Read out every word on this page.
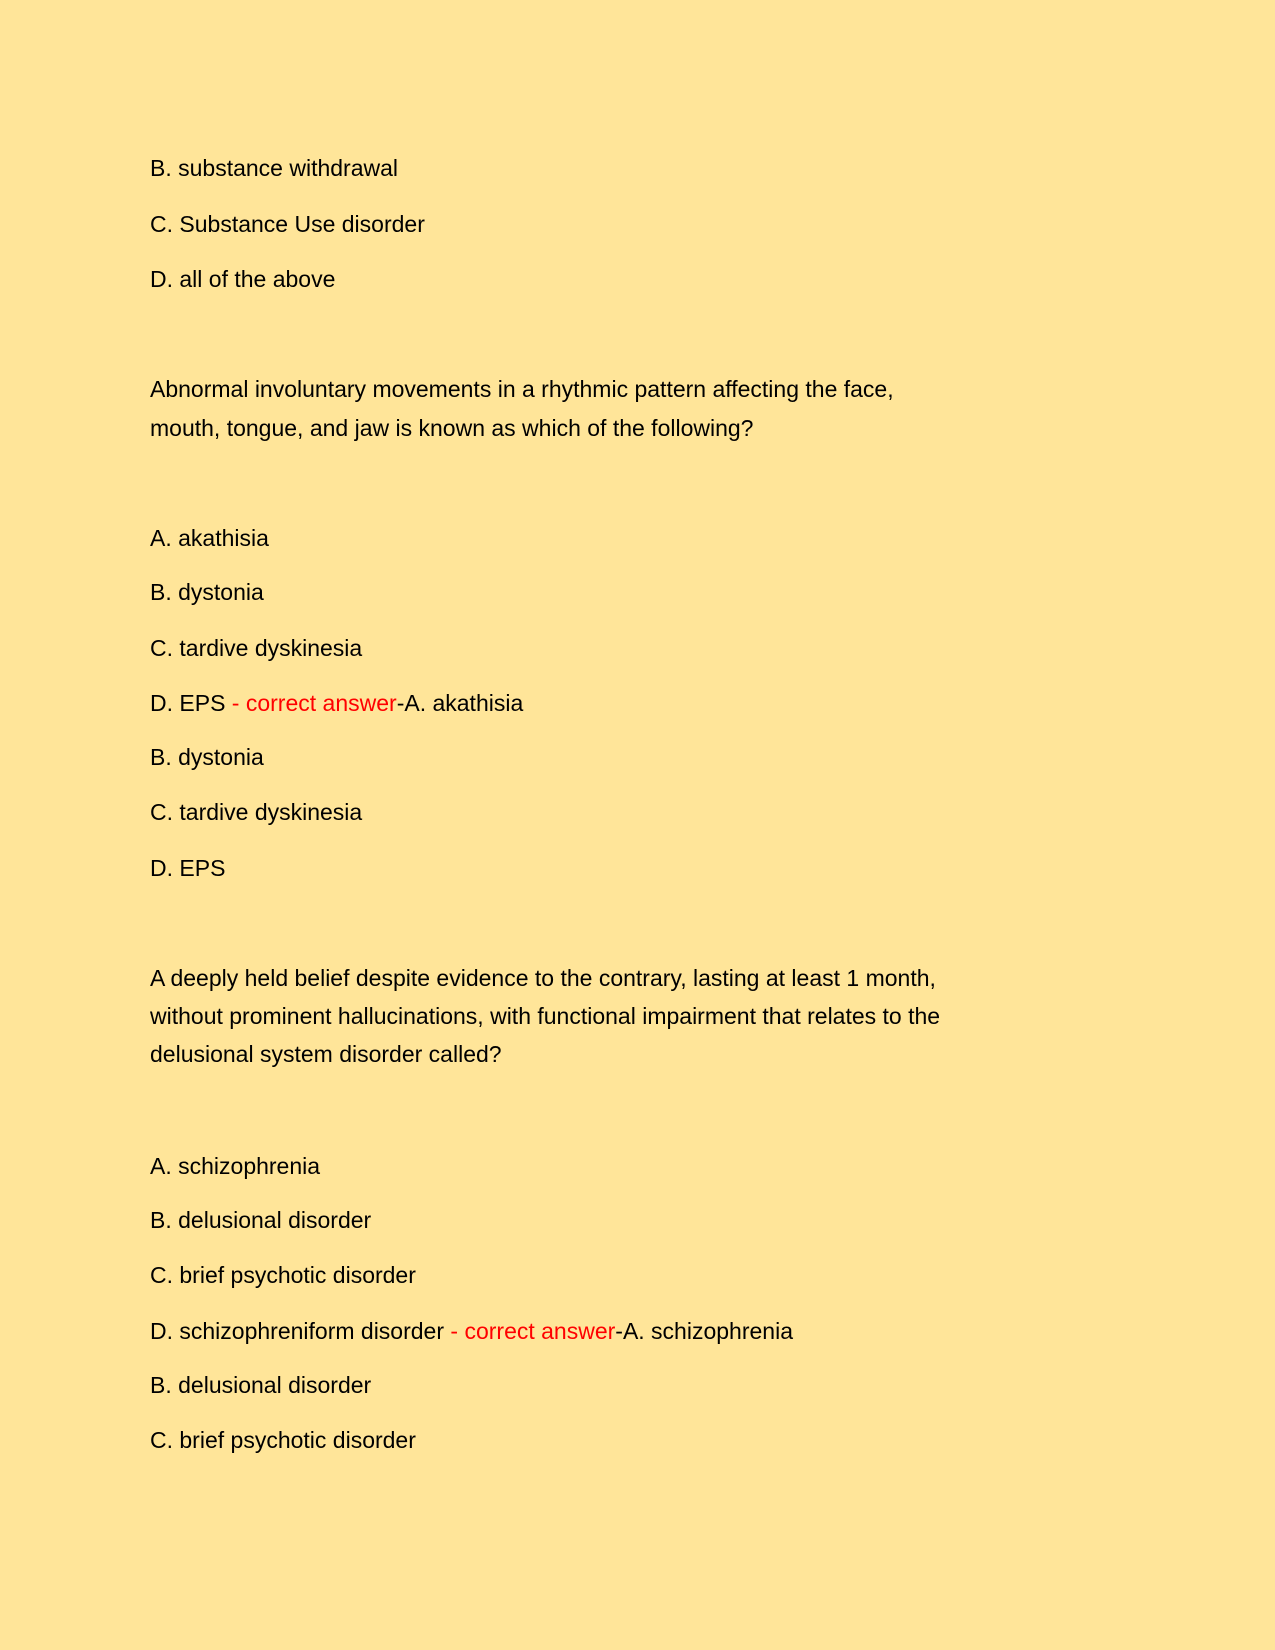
B. substance withdrawal
C. Substance Use disorder
D. all of the above
Abnormal involuntary movements in a rhythmic pattern affecting the face,
mouth, tongue, and jaw is known as which of the following?
A. akathisia
B. dystonia
C. tardive dyskinesia
D. EPS - correct answer-A. akathisia
B. dystonia
C. tardive dyskinesia
D. EPS
A deeply held belief despite evidence to the contrary, lasting at least 1 month,
without prominent hallucinations, with functional impairment that relates to the
delusional system disorder called?
A. schizophrenia
B. delusional disorder
C. brief psychotic disorder
D. schizophreniform disorder - correct answer-A. schizophrenia
B. delusional disorder
C. brief psychotic disorder
